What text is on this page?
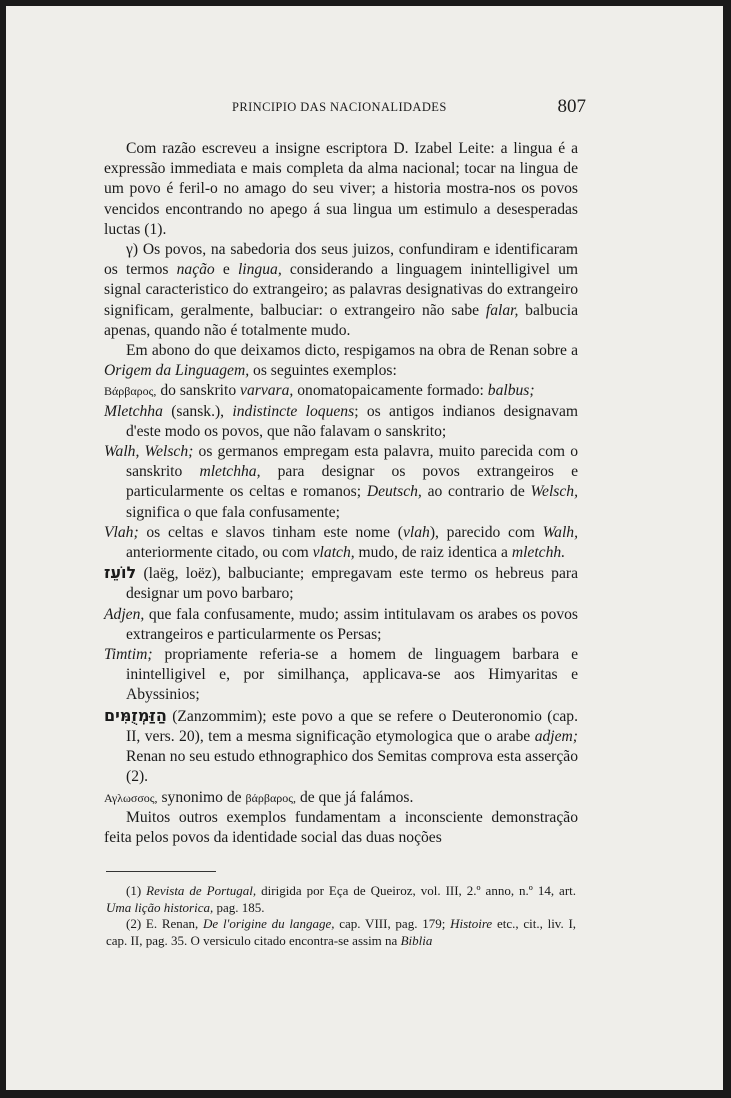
PRINCIPIO DAS NACIONALIDADES	807

Com razão escreveu a insigne escriptora D. Izabel Leite: a lingua é a expressão immediata e mais completa da alma nacional; tocar na lingua de um povo é feril-o no amago do seu viver; a historia mostra-nos os povos vencidos encontrando no apego á sua lingua um estimulo a desesperadas luctas (1).

γ) Os povos, na sabedoria dos seus juizos, confundiram e identificaram os termos nação e lingua, considerando a linguagem inintelligivel um signal caracteristico do extrangeiro; as palavras designativas do extrangeiro significam, geralmente, balbuciar: o extrangeiro não sabe falar, balbucia apenas, quando não é totalmente mudo.

Em abono do que deixamos dicto, respigamos na obra de Renan sobre a Origem da Linguagem, os seguintes exemplos:

Βάρβαρος, do sanskrito varvara, onomatopaicamente formado: balbus;
Mletchha (sansk.), indistincte loquens; os antigos indianos designavam d'este modo os povos, que não falavam o sanskrito;
Walh, Welsch; os germanos empregam esta palavra, muito parecida com o sanskrito mletchha, para designar os povos extrangeiros e particularmente os celtas e romanos; Deutsch, ao contrario de Welsch, significa o que fala confusamente;
Vlah; os celtas e slavos tinham este nome (vlah), parecido com Walh, anteriormente citado, ou com vlatch, mudo, de raiz identica a mletchh.
לוֹעֵז (laëg, loëz), balbuciante; empregavam este termo os hebreus para designar um povo barbaro;
Adjen, que fala confusamente, mudo; assim intitulavam os arabes os povos extrangeiros e particularmente os Persas;
Timtim; propriamente referia-se a homem de linguagem barbara e inintelligivel e, por similhança, applicava-se aos Himyaritas e Abyssinios;
הַזַּמְזֻמִּים (Zanzommim); este povo a que se refere o Deuteronomio (cap. II, vers. 20), tem a mesma significação etymologica que o arabe adjem; Renan no seu estudo ethnographico dos Semitas comprova esta asserção (2).
Αγλωσσος, synonimo de βάρβαρος, de que já falámos.

Muitos outros exemplos fundamentam a inconsciente demonstração feita pelos povos da identidade social das duas noções

(1) Revista de Portugal, dirigida por Eça de Queiroz, vol. III, 2.º anno, n.º 14, art. Uma lição historica, pag. 185.

(2) E. Renan, De l'origine du langage, cap. VIII, pag. 179; Histoire etc., cit., liv. I, cap. II, pag. 35. O versiculo citado encontra-se assim na Biblia
